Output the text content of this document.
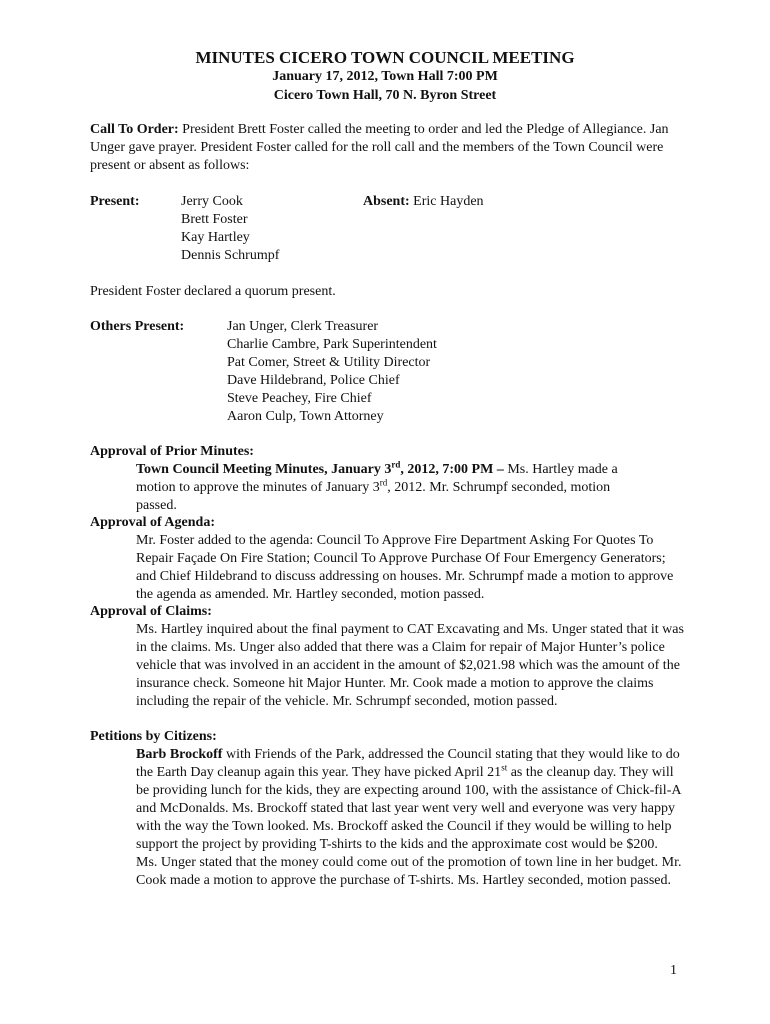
MINUTES CICERO TOWN COUNCIL MEETING
January 17, 2012, Town Hall 7:00 PM
Cicero Town Hall, 70 N. Byron Street
Call To Order: President Brett Foster called the meeting to order and led the Pledge of Allegiance. Jan Unger gave prayer. President Foster called for the roll call and the members of the Town Council were present or absent as follows:
Present:	Jerry Cook
Brett Foster
Kay Hartley
Dennis Schrumpf
Absent: Eric Hayden
President Foster declared a quorum present.
Others Present:	Jan Unger, Clerk Treasurer
Charlie Cambre, Park Superintendent
Pat Comer, Street & Utility Director
Dave Hildebrand, Police Chief
Steve Peachey, Fire Chief
Aaron Culp, Town Attorney
Approval of Prior Minutes:
Town Council Meeting Minutes, January 3rd, 2012, 7:00 PM – Ms. Hartley made a
motion to approve the minutes of January 3rd, 2012. Mr. Schrumpf seconded, motion
passed.
Approval of Agenda:
Mr. Foster added to the agenda: Council To Approve Fire Department Asking For Quotes To Repair Façade On Fire Station; Council To Approve Purchase Of Four Emergency Generators; and Chief Hildebrand to discuss addressing on houses. Mr. Schrumpf made a motion to approve the agenda as amended. Mr. Hartley seconded, motion passed.
Approval of Claims:
Ms. Hartley inquired about the final payment to CAT Excavating and Ms. Unger stated that it was in the claims. Ms. Unger also added that there was a Claim for repair of Major Hunter’s police vehicle that was involved in an accident in the amount of $2,021.98 which was the amount of the insurance check. Someone hit Major Hunter. Mr. Cook made a motion to approve the claims including the repair of the vehicle. Mr. Schrumpf seconded, motion passed.
Petitions by Citizens:
Barb Brockoff with Friends of the Park, addressed the Council stating that they would like to do the Earth Day cleanup again this year. They have picked April 21st as the cleanup day. They will be providing lunch for the kids, they are expecting around 100, with the assistance of Chick-fil-A and McDonalds. Ms. Brockoff stated that last year went very well and everyone was very happy with the way the Town looked. Ms. Brockoff asked the Council if they would be willing to help support the project by providing T-shirts to the kids and the approximate cost would be $200. Ms. Unger stated that the money could come out of the promotion of town line in her budget. Mr. Cook made a motion to approve the purchase of T-shirts. Ms. Hartley seconded, motion passed.
1
